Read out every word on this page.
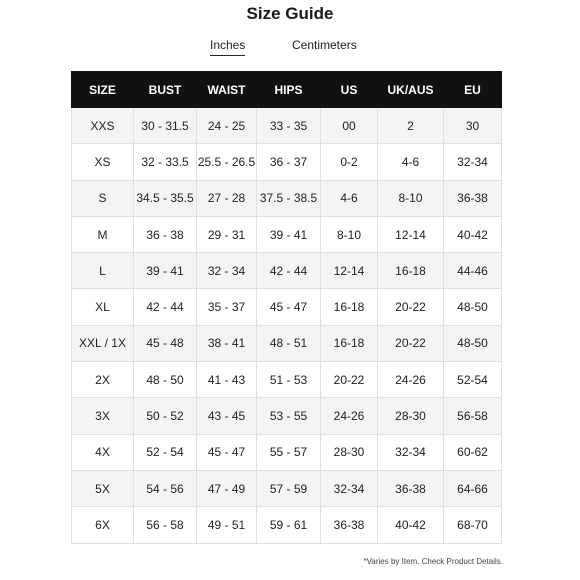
Size Guide
Inches	Centimeters
SIZE	BUST	WAIST	HIPS	US	UK/AUS	EU
XXS	30 - 31.5	24 - 25	33 - 35	00	2	30
XS	32 - 33.5	25.5 - 26.5	36 - 37	0-2	4-6	32-34
S	34.5 - 35.5	27 - 28	37.5 - 38.5	4-6	8-10	36-38
M	36 - 38	29 - 31	39 - 41	8-10	12-14	40-42
L	39 - 41	32 - 34	42 - 44	12-14	16-18	44-46
XL	42 - 44	35 - 37	45 - 47	16-18	20-22	48-50
XXL / 1X	45 - 48	38 - 41	48 - 51	16-18	20-22	48-50
2X	48 - 50	41 - 43	51 - 53	20-22	24-26	52-54
3X	50 - 52	43 - 45	53 - 55	24-26	28-30	56-58
4X	52 - 54	45 - 47	55 - 57	28-30	32-34	60-62
5X	54 - 56	47 - 49	57 - 59	32-34	36-38	64-66
6X	56 - 58	49 - 51	59 - 61	36-38	40-42	68-70
*Varies by Item. Check Product Details.
